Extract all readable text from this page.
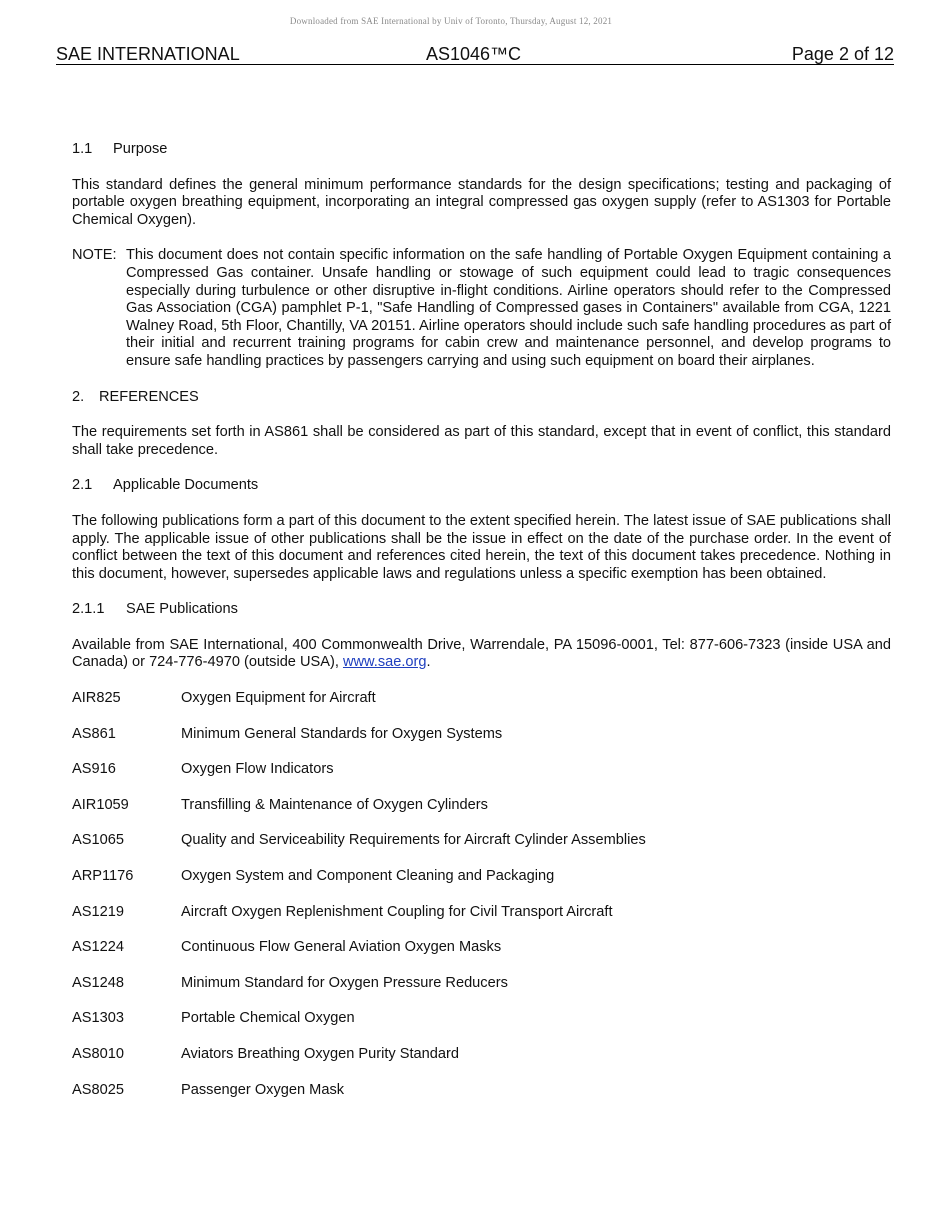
Downloaded from SAE International by Univ of Toronto, Thursday, August 12, 2021
SAE INTERNATIONAL	AS1046™C	Page 2 of 12
1.1 Purpose

This standard defines the general minimum performance standards for the design specifications; testing and packaging of portable oxygen breathing equipment, incorporating an integral compressed gas oxygen supply (refer to AS1303 for Portable Chemical Oxygen).

NOTE: This document does not contain specific information on the safe handling of Portable Oxygen Equipment containing a Compressed Gas container. Unsafe handling or stowage of such equipment could lead to tragic consequences especially during turbulence or other disruptive in-flight conditions. Airline operators should refer to the Compressed Gas Association (CGA) pamphlet P-1, "Safe Handling of Compressed gases in Containers" available from CGA, 1221 Walney Road, 5th Floor, Chantilly, VA 20151. Airline operators should include such safe handling procedures as part of their initial and recurrent training programs for cabin crew and maintenance personnel, and develop programs to ensure safe handling practices by passengers carrying and using such equipment on board their airplanes.

2. REFERENCES

The requirements set forth in AS861 shall be considered as part of this standard, except that in event of conflict, this standard shall take precedence.

2.1 Applicable Documents

The following publications form a part of this document to the extent specified herein. The latest issue of SAE publications shall apply. The applicable issue of other publications shall be the issue in effect on the date of the purchase order. In the event of conflict between the text of this document and references cited herein, the text of this document takes precedence. Nothing in this document, however, supersedes applicable laws and regulations unless a specific exemption has been obtained.

2.1.1 SAE Publications

Available from SAE International, 400 Commonwealth Drive, Warrendale, PA 15096-0001, Tel: 877-606-7323 (inside USA and Canada) or 724-776-4970 (outside USA), www.sae.org.

AIR825	Oxygen Equipment for Aircraft
AS861	Minimum General Standards for Oxygen Systems
AS916	Oxygen Flow Indicators
AIR1059	Transfilling & Maintenance of Oxygen Cylinders
AS1065	Quality and Serviceability Requirements for Aircraft Cylinder Assemblies
ARP1176	Oxygen System and Component Cleaning and Packaging
AS1219	Aircraft Oxygen Replenishment Coupling for Civil Transport Aircraft
AS1224	Continuous Flow General Aviation Oxygen Masks
AS1248	Minimum Standard for Oxygen Pressure Reducers
AS1303	Portable Chemical Oxygen
AS8010	Aviators Breathing Oxygen Purity Standard
AS8025	Passenger Oxygen Mask
